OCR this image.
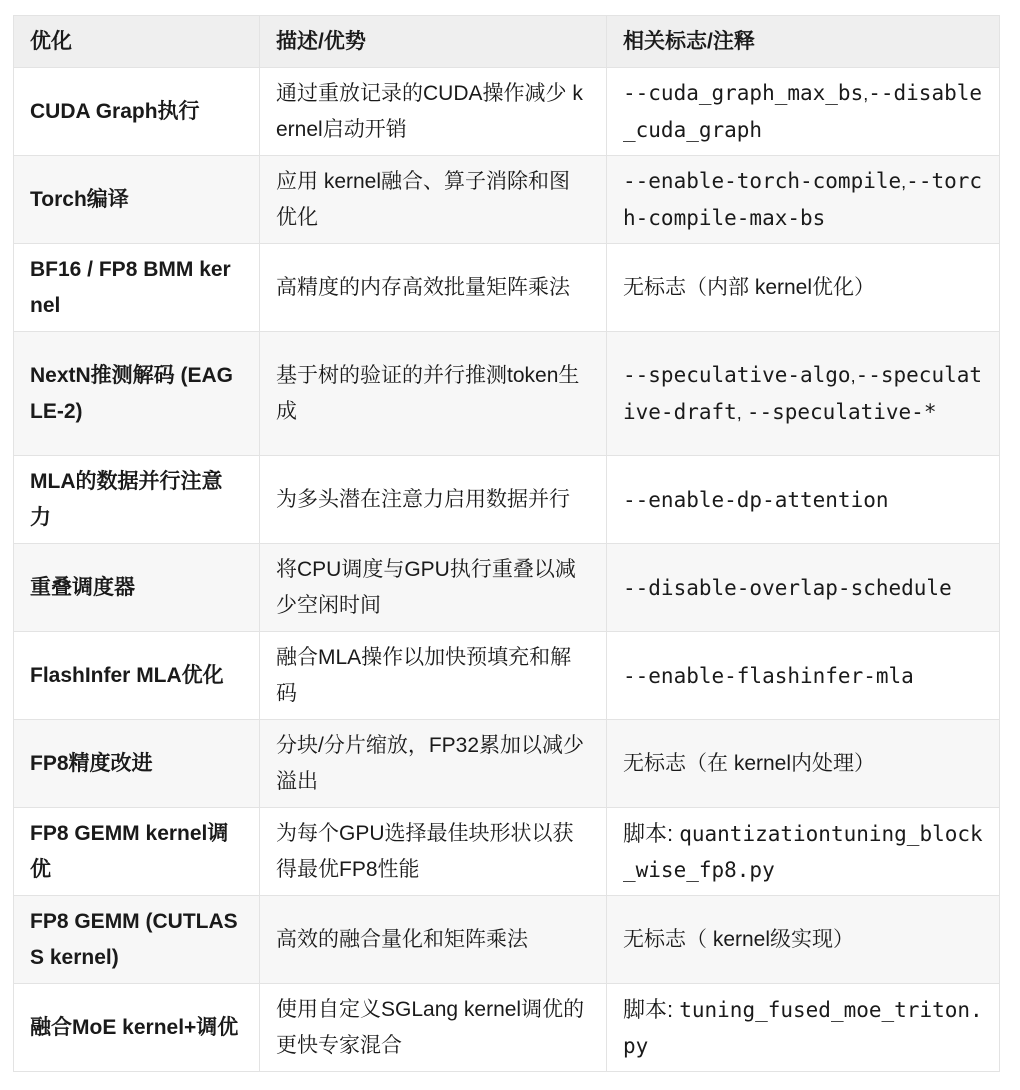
优化	描述/优势	相关标志/注释
CUDA Graph执行	通过重放记录的CUDA操作减少 kernel启动开销	--cuda_graph_max_bs,--disable_cuda_graph
Torch编译	应用 kernel融合、算子消除和图优化	--enable-torch-compile,--torch-compile-max-bs
BF16 / FP8 BMM kernel	高精度的内存高效批量矩阵乘法	无标志（内部 kernel优化）
NextN推测解码 (EAGLE-2)	基于树的验证的并行推测token生成	--speculative-algo,--speculative-draft, --speculative-*
MLA的数据并行注意力	为多头潜在注意力启用数据并行	--enable-dp-attention
重叠调度器	将CPU调度与GPU执行重叠以减少空闲时间	--disable-overlap-schedule
FlashInfer MLA优化	融合MLA操作以加快预填充和解码	--enable-flashinfer-mla
FP8精度改进	分块/分片缩放，FP32累加以减少溢出	无标志（在 kernel内处理）
FP8 GEMM kernel调优	为每个GPU选择最佳块形状以获得最优FP8性能	脚本: quantizationtuning_block_wise_fp8.py
FP8 GEMM (CUTLASS kernel)	高效的融合量化和矩阵乘法	无标志（ kernel级实现）
融合MoE kernel+调优	使用自定义SGLang kernel调优的更快专家混合	脚本: tuning_fused_moe_triton.py
